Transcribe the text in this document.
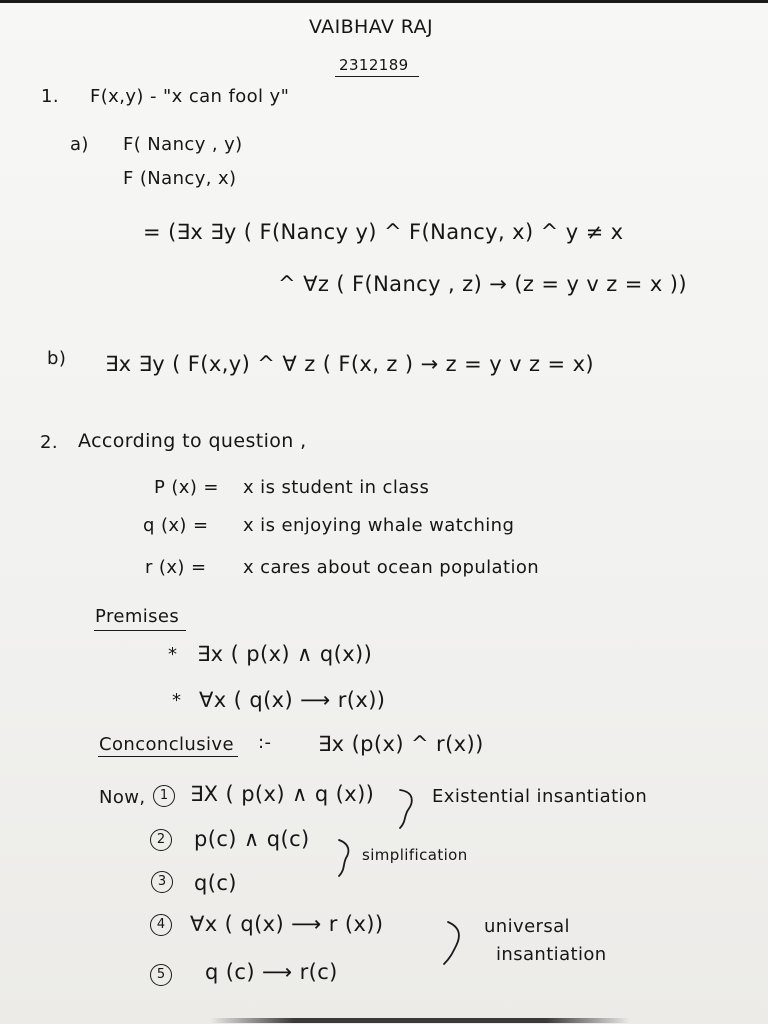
VAIBHAV RAJ
2312189
1. F(x,y) - "x can fool y"
a) F( Nancy , y)
F (Nancy, x)
= (∃x ∃y ( F(Nancy y) ^ F(Nancy, x) ^ y ≠ x
^ ∀z ( F(Nancy , z) → (z = y v z = x ))
b) ∃x ∃y ( F(x,y) ^ ∀ z ( F(x, z ) → z = y v z = x)
2. According to question ,
P (x) = x is student in class
q (x) = x is enjoying whale watching
r (x) = x cares about ocean population
Premises
* ∃x ( p(x) ∧ q(x))
* ∀x ( q(x) ⟶ r(x))
Conconclusive :- ∃x (p(x) ^ r(x))
Now,	1	∃X ( p(x) ∧ q (x))
2	p(c) ∧ q(c)
3	q(c)
4	∀x ( q(x) ⟶ r (x))
5	q (c) ⟶ r(c)
Existential insantiation
simplification
universal
insantiation
